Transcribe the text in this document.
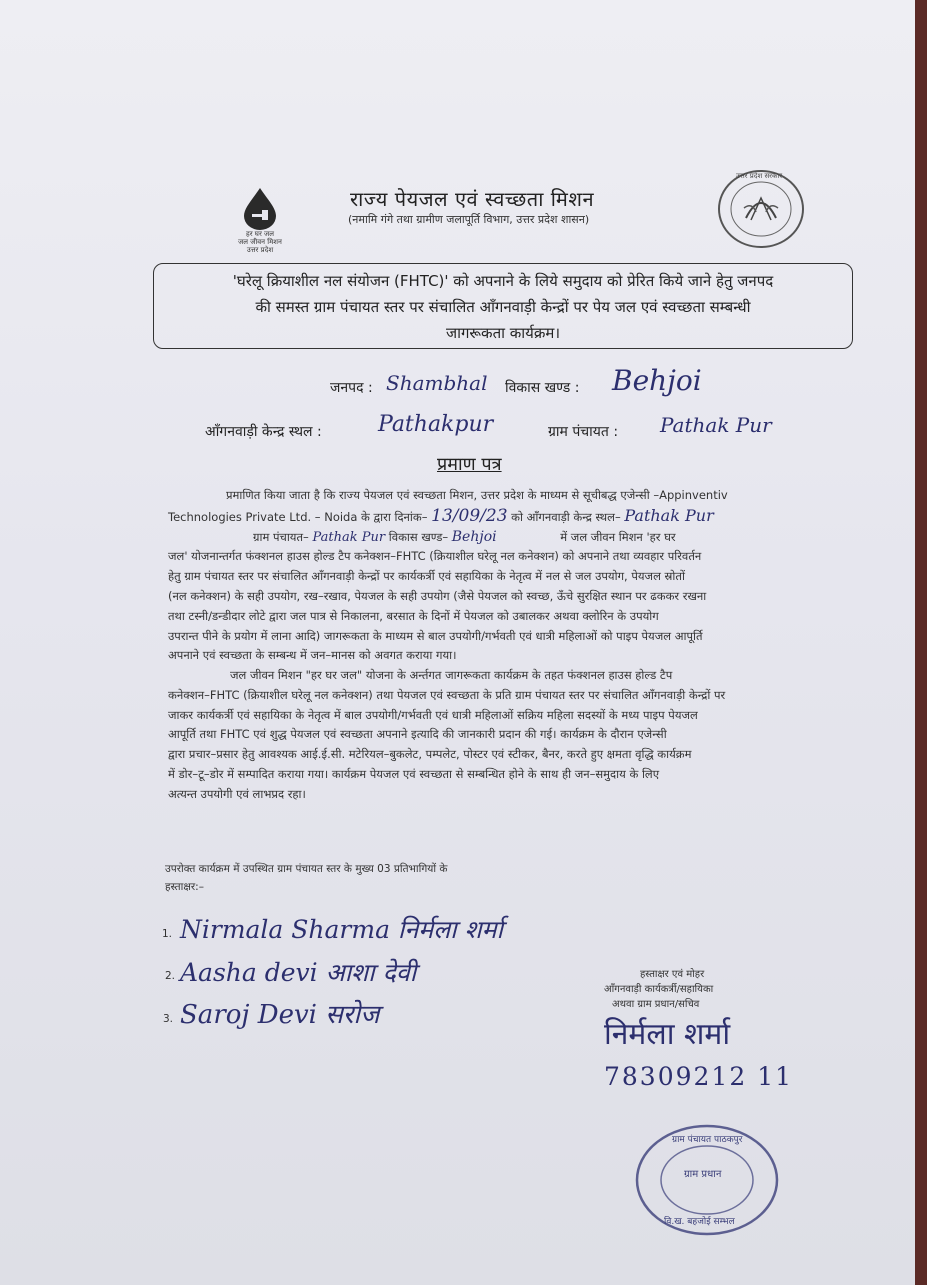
हर घर जल
जल जीवन मिशन
उत्तर प्रदेश
राज्य पेयजल एवं स्वच्छता मिशन
(नमामि गंगे तथा ग्रामीण जलापूर्ति विभाग, उत्तर प्रदेश शासन)
उत्तर प्रदेश सरकार
'घरेलू क्रियाशील नल संयोजन (FHTC)' को अपनाने के लिये समुदाय को प्रेरित किये जाने हेतु जनपद
की समस्त ग्राम पंचायत स्तर पर संचालित आँगनवाड़ी केन्द्रों पर पेय जल एवं स्वच्छता सम्बन्धी
जागरूकता कार्यक्रम।
जनपद : Shambhal विकास खण्ड : Behjoi
आँगनवाड़ी केन्द्र स्थल :	Pathakpur	ग्राम पंचायत : Pathak Pur
प्रमाण पत्र
प्रमाणित किया जाता है कि राज्य पेयजल एवं स्वच्छता मिशन, उत्तर प्रदेश के माध्यम से सूचीबद्ध एजेन्सी –Appinventiv
Technologies Private Ltd. – Noida के द्वारा दिनांक– 13/09/23 को आँगनवाड़ी केन्द्र स्थल– Pathak Pur
ग्राम पंचायत– Pathak Pur विकास खण्ड– Behjoi	में जल जीवन मिशन 'हर घर
जल' योजनान्तर्गत फंक्शनल हाउस होल्ड टैप कनेक्शन–FHTC (क्रियाशील घरेलू नल कनेक्शन) को अपनाने तथा व्यवहार परिवर्तन
हेतु ग्राम पंचायत स्तर पर संचालित आँगनवाड़ी केन्द्रों पर कार्यकर्त्री एवं सहायिका के नेतृत्व में नल से जल उपयोग, पेयजल स्रोतों
(नल कनेक्शन) के सही उपयोग, रख–रखाव, पेयजल के सही उपयोग (जैसे पेयजल को स्वच्छ, ऊँचे सुरक्षित स्थान पर ढककर रखना
तथा टस्नी/डन्डीदार लोटे द्वारा जल पात्र से निकालना, बरसात के दिनों में पेयजल को उबालकर अथवा क्लोरिन के उपयोग
उपरान्त पीने के प्रयोग में लाना आदि) जागरूकता के माध्यम से बाल उपयोगी/गर्भवती एवं धात्री महिलाओं को पाइप पेयजल आपूर्ति
अपनाने एवं स्वच्छता के सम्बन्ध में जन–मानस को अवगत कराया गया।
जल जीवन मिशन "हर घर जल" योजना के अर्न्तगत जागरूकता कार्यक्रम के तहत फंक्शनल हाउस होल्ड टैप
कनेक्शन–FHTC (क्रियाशील घरेलू नल कनेक्शन) तथा पेयजल एवं स्वच्छता के प्रति ग्राम पंचायत स्तर पर संचालित आँगनवाड़ी केन्द्रों पर
जाकर कार्यकर्त्री एवं सहायिका के नेतृत्व में बाल उपयोगी/गर्भवती एवं धात्री महिलाओं सक्रिय महिला सदस्यों के मध्य पाइप पेयजल
आपूर्ति तथा FHTC एवं शुद्ध पेयजल एवं स्वच्छता अपनाने इत्यादि की जानकारी प्रदान की गई। कार्यक्रम के दौरान एजेन्सी
द्वारा प्रचार–प्रसार हेतु आवश्यक आई.ई.सी. मटेरियल–बुकलेट, पम्पलेट, पोस्टर एवं स्टीकर, बैनर, करते हुए क्षमता वृद्धि कार्यक्रम
में डोर–टू–डोर में सम्पादित कराया गया। कार्यक्रम पेयजल एवं स्वच्छता से सम्बन्धित होने के साथ ही जन–समुदाय के लिए
अत्यन्त उपयोगी एवं लाभप्रद रहा।
उपरोक्त कार्यक्रम में उपस्थित ग्राम पंचायत स्तर के मुख्य 03 प्रतिभागियों के
हस्ताक्षर:–
1. Nirmala Sharma निर्मला शर्मा
2. Aasha devi आशा देवी
3. Saroj Devi सरोज
हस्ताक्षर एवं मोहर
आँगनवाड़ी कार्यकर्त्री/सहायिका
अथवा ग्राम प्रधान/सचिव
निर्मला शर्मा
78309212 11
ग्राम पंचायत पाठकपुर
ग्राम प्रधान
वि.ख. बहजोई सम्भल
